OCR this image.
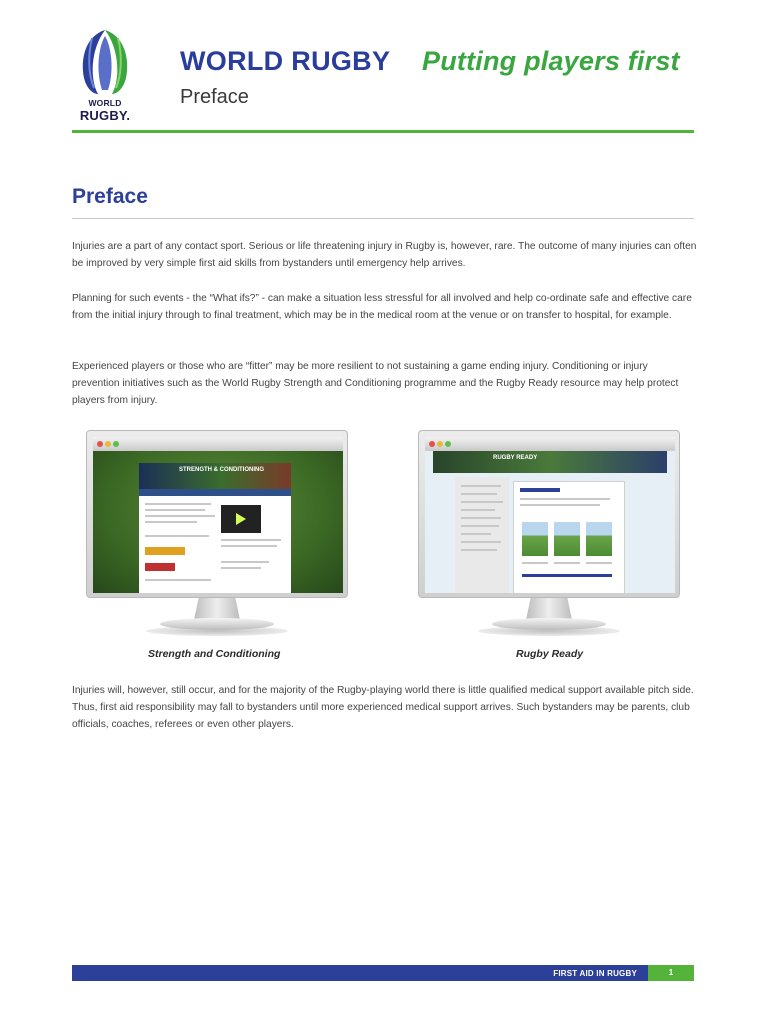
WORLD
RUGBY.
WORLD RUGBY Putting players first
Preface
Preface

Injuries are a part of any contact sport. Serious or life threatening injury in Rugby is, however, rare. The outcome of many injuries can often be improved by very simple first aid skills from bystanders until emergency help arrives.

Planning for such events - the “What ifs?” - can make a situation less stressful for all involved and help co-ordinate safe and effective care from the initial injury through to final treatment, which may be in the medical room at the venue or on transfer to hospital, for example.

Experienced players or those who are “fitter” may be more resilient to not sustaining a game ending injury. Conditioning or injury prevention initiatives such as the World Rugby Strength and Conditioning programme and the Rugby Ready resource may help protect players from injury.

STRENGTH & CONDITIONING
RUGBY READY
Strength and Conditioning	Rugby Ready

Injuries will, however, still occur, and for the majority of the Rugby-playing world there is little qualified medical support available pitch side. Thus, first aid responsibility may fall to bystanders until more experienced medical support arrives. Such bystanders may be parents, club officials, coaches, referees or even other players.

FIRST AID IN RUGBY	1
